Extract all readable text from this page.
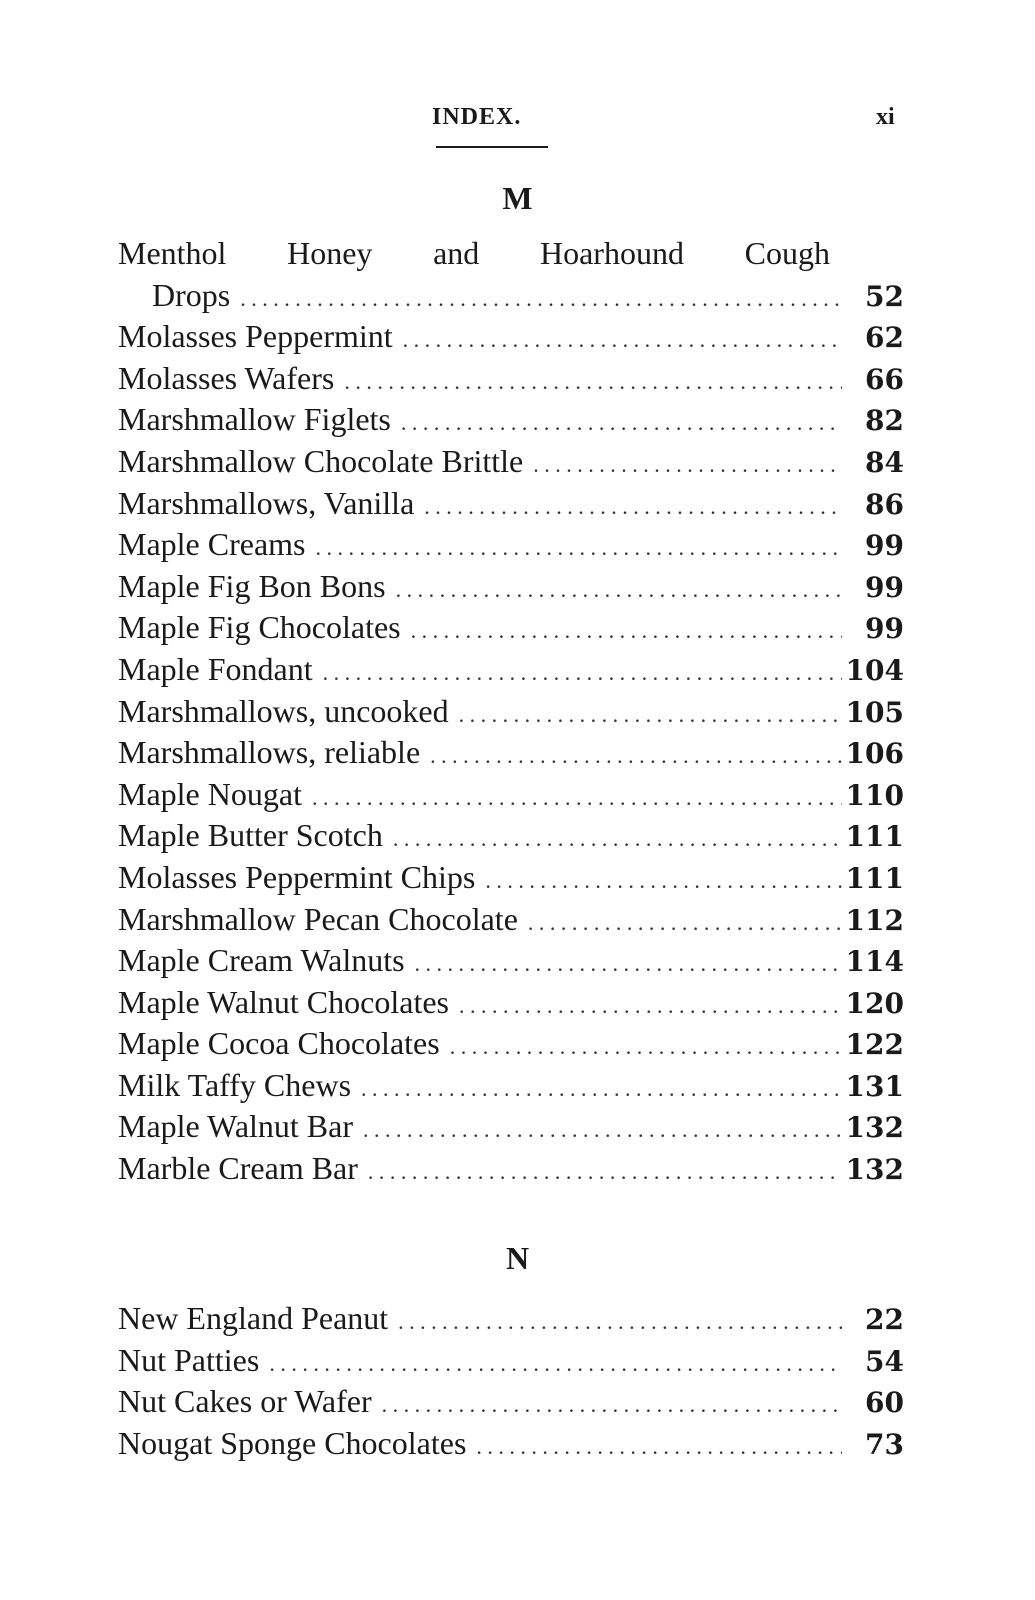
INDEX.	xi
M
Menthol Honey and Hoarhound Cough
Drops . . .	52
Molasses Peppermint . . .	62
Molasses Wafers . . .	66
Marshmallow Figlets . . .	82
Marshmallow Chocolate Brittle . . .	84
Marshmallows, Vanilla . . .	86
Maple Creams . . .	99
Maple Fig Bon Bons . . .	99
Maple Fig Chocolates . . .	99
Maple Fondant . . .	104
Marshmallows, uncooked . . .	105
Marshmallows, reliable . . .	106
Maple Nougat . . .	110
Maple Butter Scotch . . .	111
Molasses Peppermint Chips . . .	111
Marshmallow Pecan Chocolate . . .	112
Maple Cream Walnuts . . .	114
Maple Walnut Chocolates . . .	120
Maple Cocoa Chocolates . . .	122
Milk Taffy Chews . . .	131
Maple Walnut Bar . . .	132
Marble Cream Bar . . .	132
N
New England Peanut . . .	22
Nut Patties . . .	54
Nut Cakes or Wafer . . .	60
Nougat Sponge Chocolates . . .	73
